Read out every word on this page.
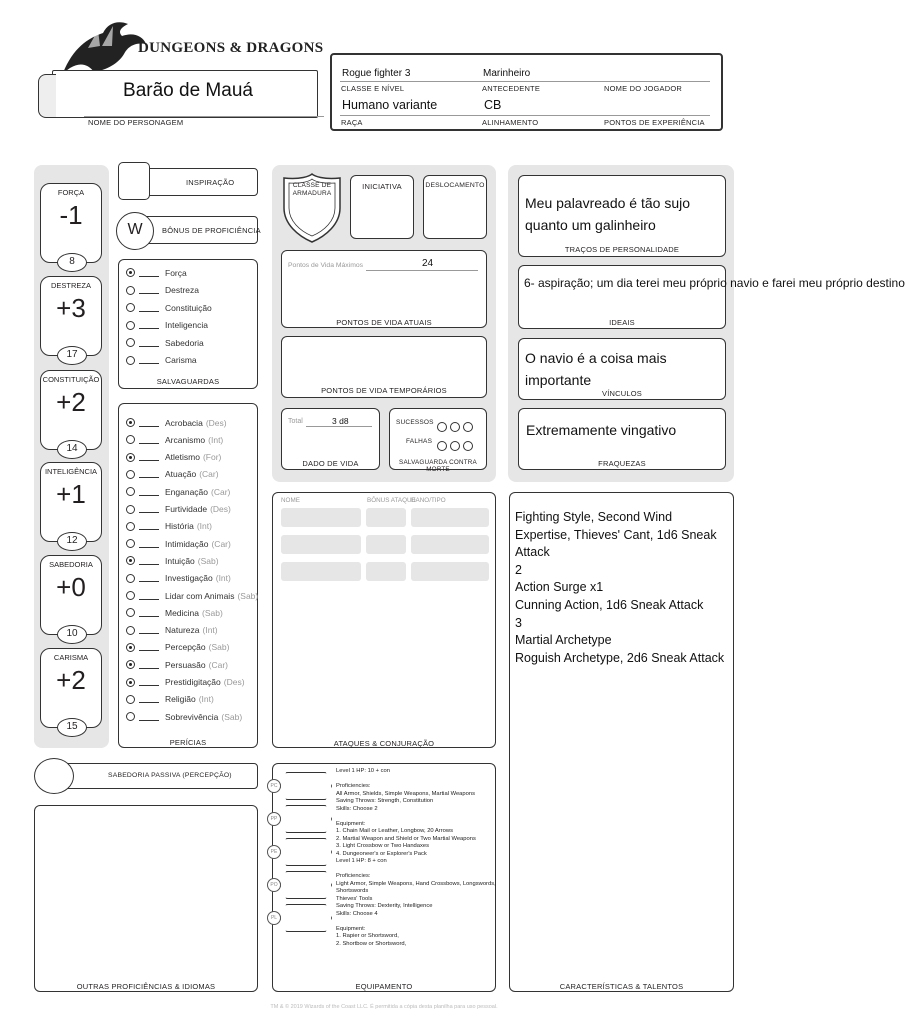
DUNGEONS & DRAGONS
Barão de Mauá
NOME DO PERSONAGEM
Rogue fighter 3
CLASSE E NÍVEL
Marinheiro
ANTECEDENTE	NOME DO JOGADOR
Humano variante
RAÇA
CB
ALINHAMENTO	PONTOS DE EXPERIÊNCIA
FORÇA
-1
8
DESTREZA
+3
17
CONSTITUIÇÃO
+2
14
INTELIGÊNCIA
+1
12
SABEDORIA
+0
10
CARISMA
+2
15
INSPIRAÇÃO
W	BÔNUS DE PROFICIÊNCIA
Força
Destreza
Constituição
Inteligencia
Sabedoria
Carisma
SALVAGUARDAS
Acrobacia (Des)
Arcanismo (Int)
Atletismo (For)
Atuação (Car)
Enganação (Car)
Furtividade (Des)
História (Int)
Intimidação (Car)
Intuição (Sab)
Investigação (Int)
Lidar com Animais (Sab)
Medicina (Sab)
Natureza (Int)
Percepção (Sab)
Persuasão (Car)
Prestidigitação (Des)
Religião (Int)
Sobrevivência (Sab)
PERÍCIAS
CLASSE DE ARMADURA
INICIATIVA	DESLOCAMENTO
Pontos de Vida Máximos	24
PONTOS DE VIDA ATUAIS
PONTOS DE VIDA TEMPORÁRIOS
Total	3 d8
DADO DE VIDA
SUCESSOS
FALHAS
SALVAGUARDA CONTRA MORTE
Meu palavreado é tão sujo quanto um galinheiro
TRAÇOS DE PERSONALIDADE
6- aspiração; um dia terei meu próprio navio e farei meu próprio destino
IDEAIS
O navio é a coisa mais importante
VÍNCULOS
Extremamente vingativo
FRAQUEZAS
NOME	BÔNUS ATAQUE
DANO/TIPO
ATAQUES & CONJURAÇÃO
Fighting Style, Second Wind
Expertise, Thieves' Cant, 1d6 Sneak Attack
2
Action Surge x1
Cunning Action, 1d6 Sneak Attack
3
Martial Archetype
Roguish Archetype, 2d6 Sneak Attack
CARACTERÍSTICAS & TALENTOS
SABEDORIA PASSIVA (PERCEPÇÃO)
OUTRAS PROFICIÊNCIAS & IDIOMAS
PC
PP
PE
PO
PL
Level 1 HP: 10 + con

Proficiencies:
All Armor, Shields, Simple Weapons, Martial Weapons
Saving Throws: Strength, Constitution
Skills: Choose 2

Equipment:
1. Chain Mail or Leather, Longbow, 20 Arrows
2. Martial Weapon and Shield or Two Martial Weapons
3. Light Crossbow or Two Handaxes
4. Dungeoneer's or Explorer's Pack
Level 1 HP: 8 + con

Proficiencies:
Light Armor, Simple Weapons, Hand Crossbows, Longswords,
Shortswords
Thieves' Tools
Saving Throws: Dexterity, Intelligence
Skills: Choose 4

Equipment:
1. Rapier or Shortsword,
2. Shortbow or Shortsword,
EQUIPAMENTO
TM & © 2019 Wizards of the Coast LLC. É permitida a cópia desta planilha para uso pessoal.
